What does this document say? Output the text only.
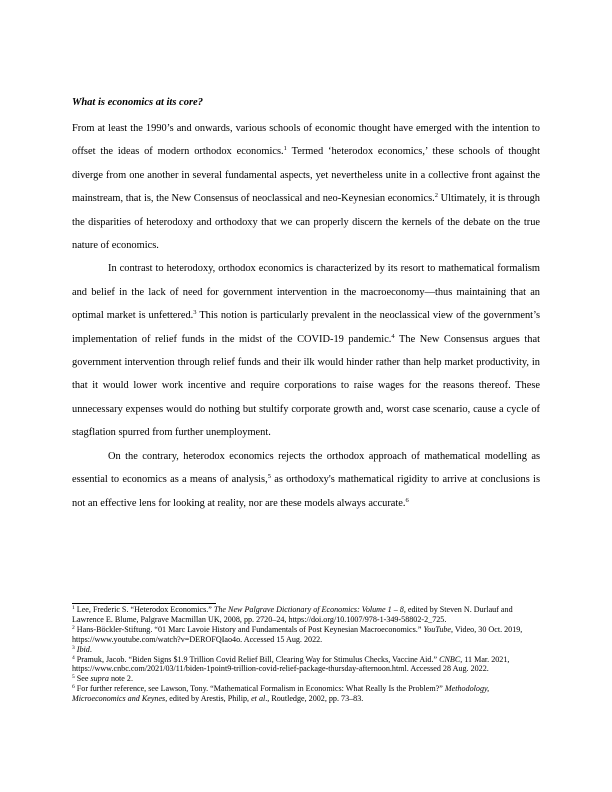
What is economics at its core?

From at least the 1990’s and onwards, various schools of economic thought have emerged with the intention to offset the ideas of modern orthodox economics.$^1$ Termed ‘heterodox economics,’ these schools of thought diverge from one another in several fundamental aspects, yet nevertheless unite in a collective front against the mainstream, that is, the New Consensus of neoclassical and neo-Keynesian economics.$^2$ Ultimately, it is through the disparities of heterodoxy and orthodoxy that we can properly discern the kernels of the debate on the true nature of economics.

In contrast to heterodoxy, orthodox economics is characterized by its resort to mathematical formalism and belief in the lack of need for government intervention in the macroeconomy—thus maintaining that an optimal market is unfettered.$^3$ This notion is particularly prevalent in the neoclassical view of the government’s implementation of relief funds in the midst of the COVID-19 pandemic.$^4$ The New Consensus argues that government intervention through relief funds and their ilk would hinder rather than help market productivity, in that it would lower work incentive and require corporations to raise wages for the reasons thereof. These unnecessary expenses would do nothing but stultify corporate growth and, worst case scenario, cause a cycle of stagflation spurred from further unemployment.

On the contrary, heterodox economics rejects the orthodox approach of mathematical modelling as essential to economics as a means of analysis,$^5$ as orthodoxy's mathematical rigidity to arrive at conclusions is not an effective lens for looking at reality, nor are these models always accurate.$^6$

$^1$ Lee, Frederic S. “Heterodox Economics.” The New Palgrave Dictionary of Economics: Volume 1 – 8, edited by Steven N. Durlauf and Lawrence E. Blume, Palgrave Macmillan UK, 2008, pp. 2720–24, https://doi.org/10.1007/978-1-349-58802-2_725.

$^2$ Hans-Böckler-Stiftung. “01 Marc Lavoie History and Fundamentals of Post Keynesian Macroeconomics.” YouTube, Video, 30 Oct. 2019, https://www.youtube.com/watch?v=DEROFQIao4o. Accessed 15 Aug. 2022.

$^3$ Ibid.

$^4$ Pramuk, Jacob. “Biden Signs $1.9 Trillion Covid Relief Bill, Clearing Way for Stimulus Checks, Vaccine Aid.” CNBC, 11 Mar. 2021, https://www.cnbc.com/2021/03/11/biden-1point9-trillion-covid-relief-package-thursday-afternoon.html. Accessed 28 Aug. 2022.

$^5$ See supra note 2.

$^6$ For further reference, see Lawson, Tony. “Mathematical Formalism in Economics: What Really Is the Problem?” Methodology, Microeconomics and Keynes, edited by Arestis, Philip, et al., Routledge, 2002, pp. 73–83.
